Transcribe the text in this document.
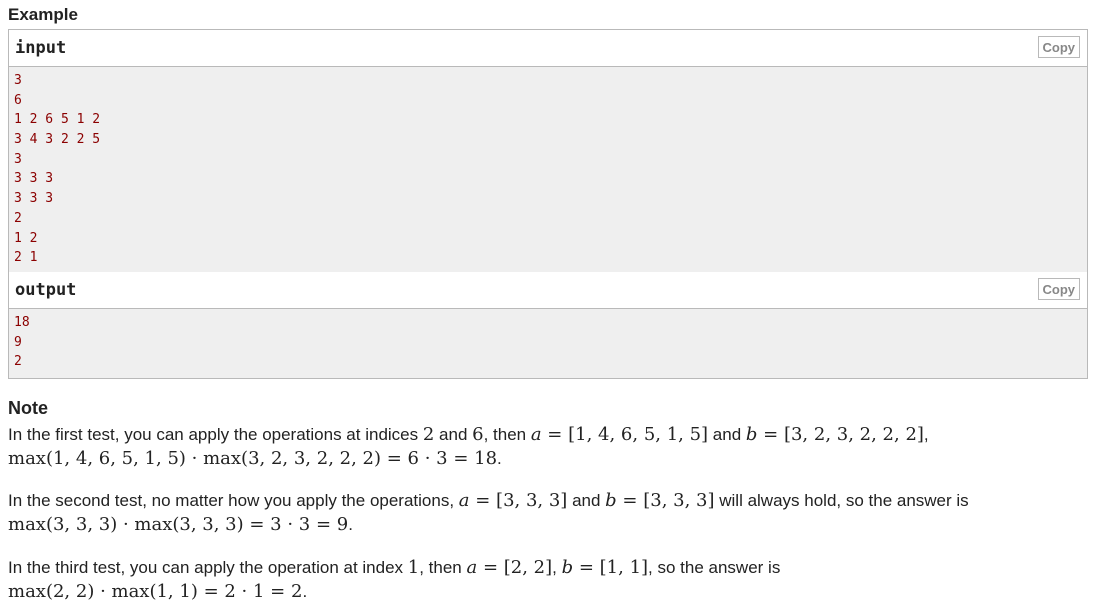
Example
input	Copy
3
6
1 2 6 5 1 2
3 4 3 2 2 5
3
3 3 3
3 3 3
2
1 2
2 1
output	Copy
18
9
2
Note
In the first test, you can apply the operations at indices 2 and 6, then a = [1, 4, 6, 5, 1, 5] and b = [3, 2, 3, 2, 2, 2],
max(1, 4, 6, 5, 1, 5) · max(3, 2, 3, 2, 2, 2) = 6 · 3 = 18.
In the second test, no matter how you apply the operations, a = [3, 3, 3] and b = [3, 3, 3] will always hold, so the answer is
max(3, 3, 3) · max(3, 3, 3) = 3 · 3 = 9.
In the third test, you can apply the operation at index 1, then a = [2, 2], b = [1, 1], so the answer is
max(2, 2) · max(1, 1) = 2 · 1 = 2.
